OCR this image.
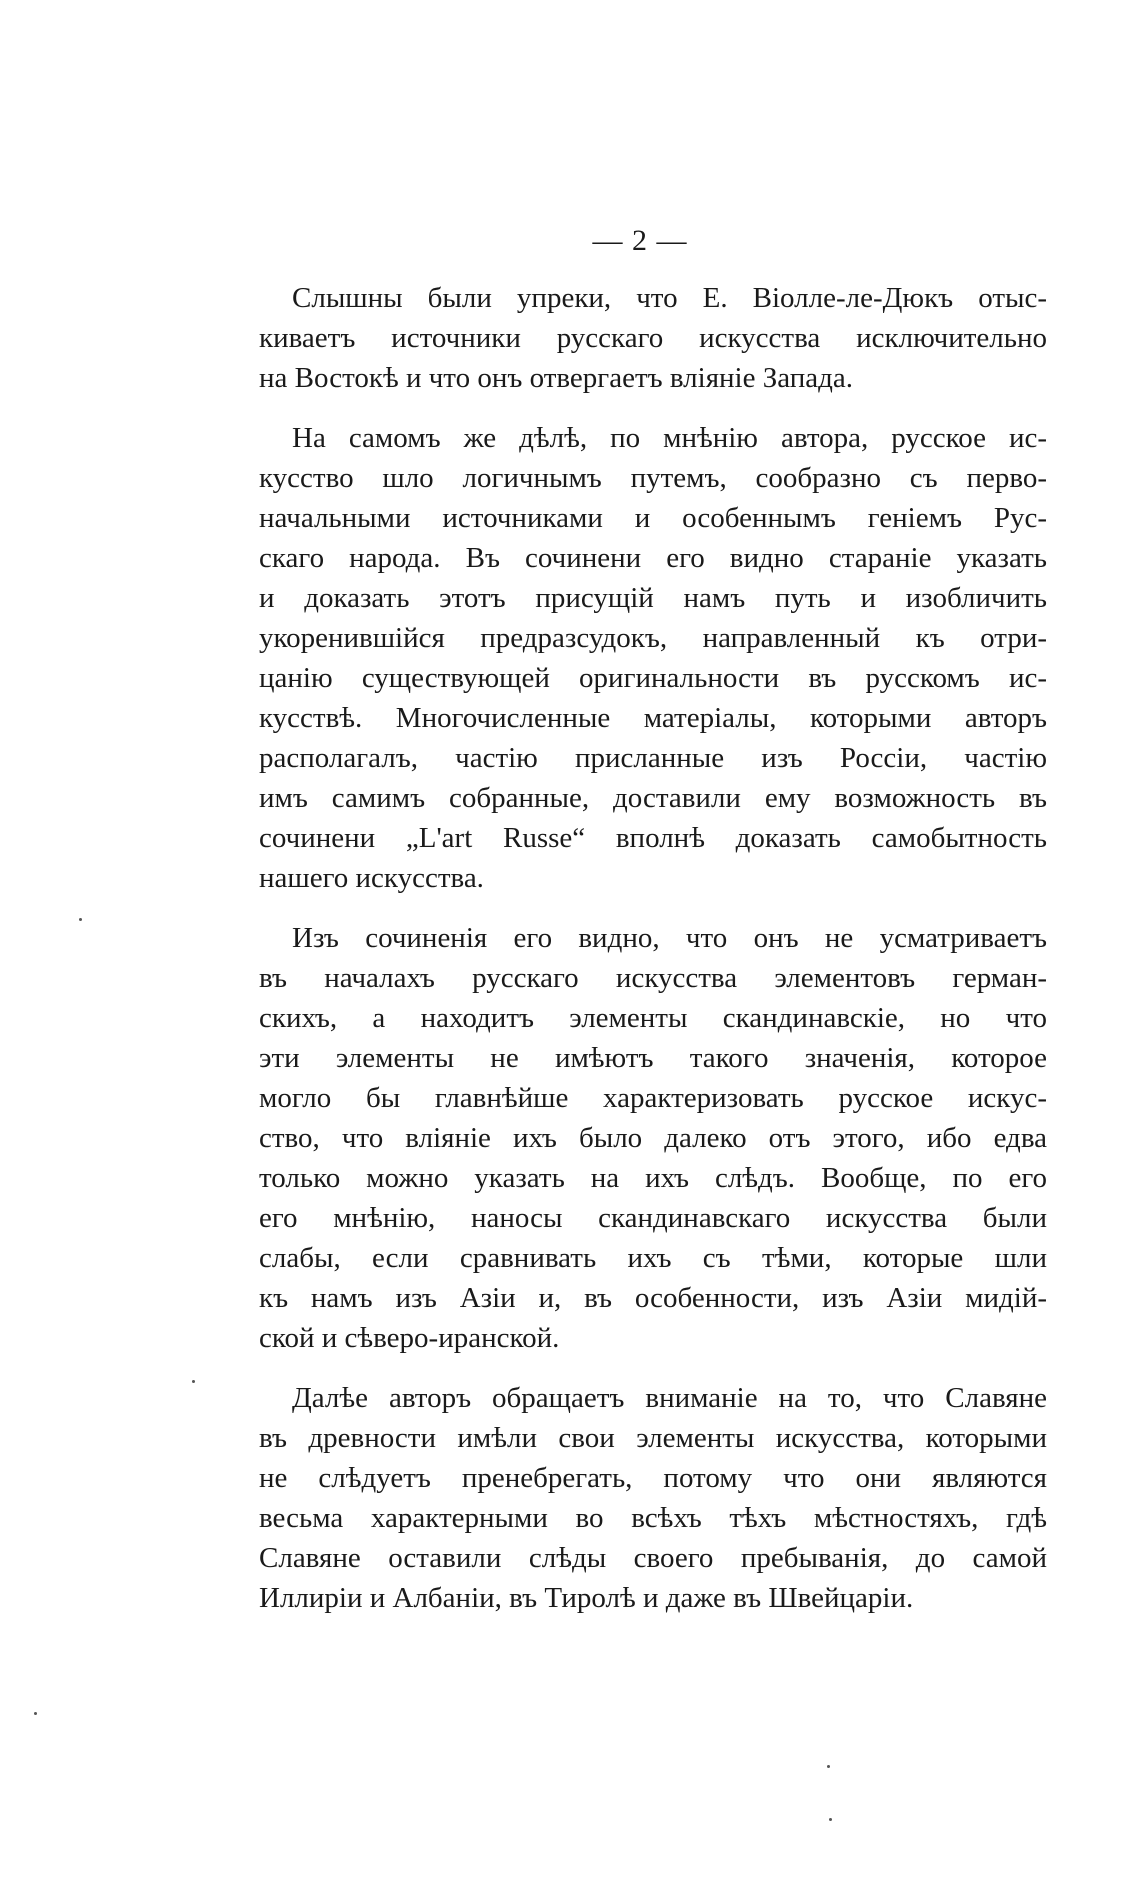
— 2 —
Слышны были упреки, что Е. Віолле-ле-Дюкъ отыс-
киваетъ источники русскаго искусства исключительно
на Востокѣ и что онъ отвергаетъ вліяніе Запада.
На самомъ же дѣлѣ, по мнѣнію автора, русское ис-
кусство шло логичнымъ путемъ, сообразно съ перво-
начальными источниками и особеннымъ геніемъ Рус-
скаго народа. Въ сочинени его видно стараніе указать
и доказать этотъ присущій намъ путь и изобличить
укоренившійся предразсудокъ, направленный къ отри-
цанію существующей оригинальности въ русскомъ ис-
кусствѣ. Многочисленные матеріалы, которыми авторъ
располагалъ, частію присланные изъ Россіи, частію
имъ самимъ собранные, доставили ему возможность въ
сочинени „L'art Russe“ вполнѣ доказать самобытность
нашего искусства.
Изъ сочиненія его видно, что онъ не усматриваетъ
въ началахъ русскаго искусства элементовъ герман-
скихъ, а находитъ элементы скандинавскіе, но что
эти элементы не имѣютъ такого значенія, которое
могло бы главнѣйше характеризовать русское искус-
ство, что вліяніе ихъ было далеко отъ этого, ибо едва
только можно указать на ихъ слѣдъ. Вообще, по его
его мнѣнію, наносы скандинавскаго искусства были
слабы, если сравнивать ихъ съ тѣми, которые шли
къ намъ изъ Азіи и, въ особенности, изъ Азіи мидій-
ской и сѣверо-иранской.
Далѣе авторъ обращаетъ вниманіе на то, что Славяне
въ древности имѣли свои элементы искусства, которыми
не слѣдуетъ пренебрегать, потому что они являются
весьма характерными во всѣхъ тѣхъ мѣстностяхъ, гдѣ
Славяне оставили слѣды своего пребыванія, до самой
Иллиріи и Албаніи, въ Тиролѣ и даже въ Швейцаріи.
